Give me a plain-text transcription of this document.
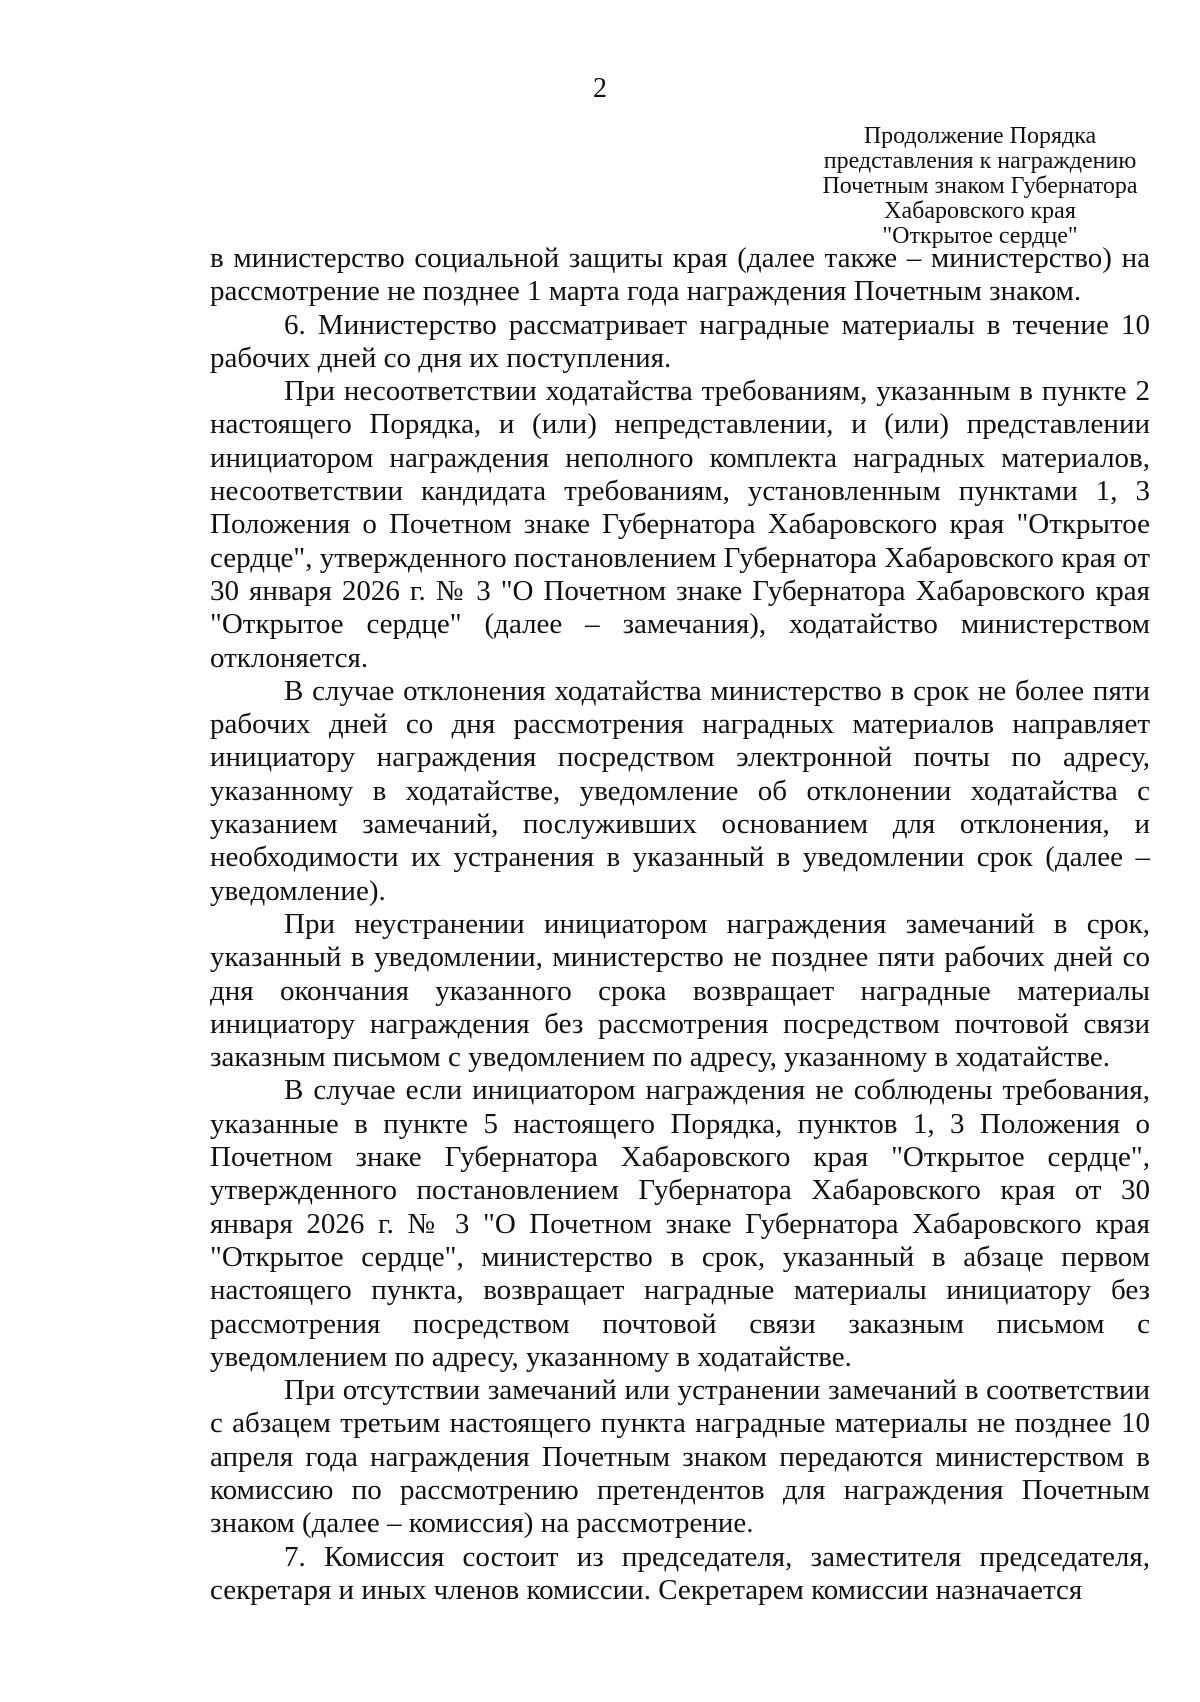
2
Продолжение Порядка
представления к награждению
Почетным знаком Губернатора
Хабаровского края
"Открытое сердце"

в министерство социальной защиты края (далее также – министерство) на рассмотрение не позднее 1 марта года награждения Почетным знаком.

6. Министерство рассматривает наградные материалы в течение 10 рабочих дней со дня их поступления.

При несоответствии ходатайства требованиям, указанным в пункте 2 настоящего Порядка, и (или) непредставлении, и (или) представлении инициатором награждения неполного комплекта наградных материалов, несоответствии кандидата требованиям, установленным пунктами 1, 3 Положения о Почетном знаке Губернатора Хабаровского края "Открытое сердце", утвержденного постановлением Губернатора Хабаровского края от 30 января 2026 г. № 3 "О Почетном знаке Губернатора Хабаровского края "Открытое сердце" (далее – замечания), ходатайство министерством отклоняется.

В случае отклонения ходатайства министерство в срок не более пяти рабочих дней со дня рассмотрения наградных материалов направляет инициатору награждения посредством электронной почты по адресу, указанному в ходатайстве, уведомление об отклонении ходатайства с указанием замечаний, послуживших основанием для отклонения, и необходимости их устранения в указанный в уведомлении срок (далее – уведомление).

При неустранении инициатором награждения замечаний в срок, указанный в уведомлении, министерство не позднее пяти рабочих дней со дня окончания указанного срока возвращает наградные материалы инициатору награждения без рассмотрения посредством почтовой связи заказным письмом с уведомлением по адресу, указанному в ходатайстве.

В случае если инициатором награждения не соблюдены требования, указанные в пункте 5 настоящего Порядка, пунктов 1, 3 Положения о Почетном знаке Губернатора Хабаровского края "Открытое сердце", утвержденного постановлением Губернатора Хабаровского края от 30 января 2026 г. № 3 "О Почетном знаке Губернатора Хабаровского края "Открытое сердце", министерство в срок, указанный в абзаце первом настоящего пункта, возвращает наградные материалы инициатору без рассмотрения посредством почтовой связи заказным письмом с уведомлением по адресу, указанному в ходатайстве.

При отсутствии замечаний или устранении замечаний в соответствии с абзацем третьим настоящего пункта наградные материалы не позднее 10 апреля года награждения Почетным знаком передаются министерством в комиссию по рассмотрению претендентов для награждения Почетным знаком (далее – комиссия) на рассмотрение.

7. Комиссия состоит из председателя, заместителя председателя, секретаря и иных членов комиссии. Секретарем комиссии назначается
